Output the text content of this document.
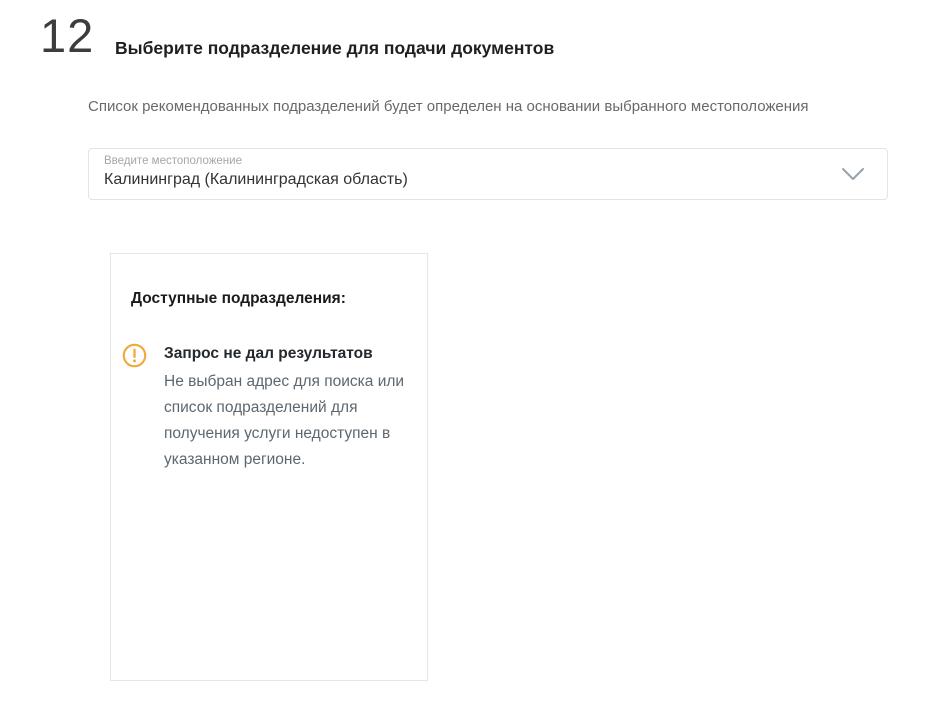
12 Выберите подразделение для подачи документов

Список рекомендованных подразделений будет определен на основании выбранного местоположения

Введите местоположение
Калининград (Калининградская область)
Доступные подразделения:
Запрос не дал результатов
Не выбран адрес для поиска или список подразделений для получения услуги недоступен в указанном регионе.
